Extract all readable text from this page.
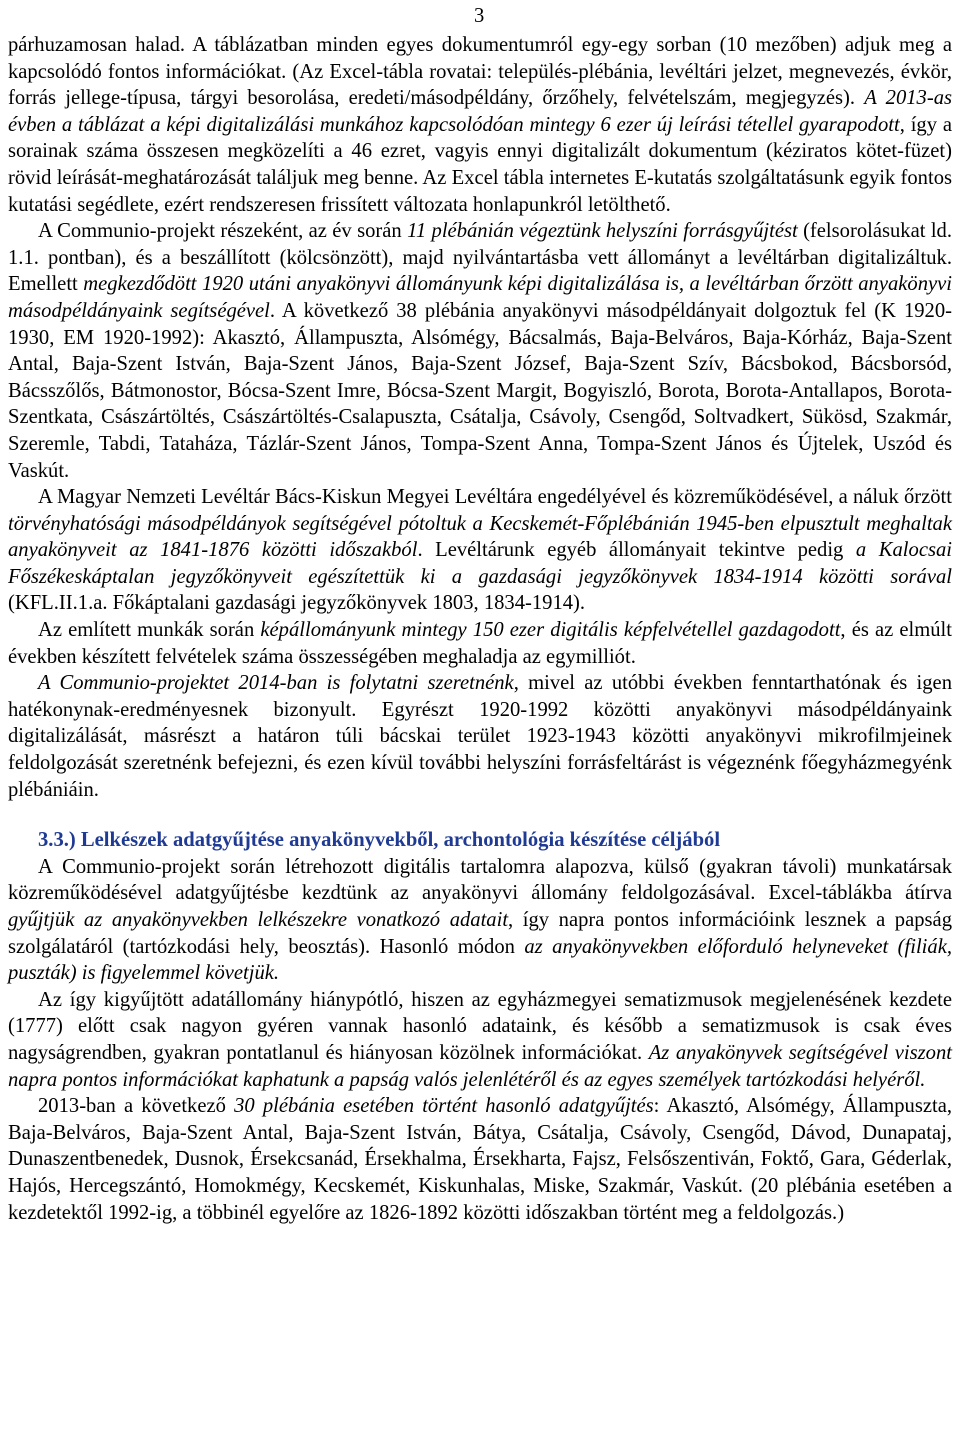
3

párhuzamosan halad. A táblázatban minden egyes dokumentumról egy-egy sorban (10 mezőben) adjuk meg a kapcsolódó fontos információkat. (Az Excel-tábla rovatai: település-plébánia, levéltári jelzet, megnevezés, évkör, forrás jellege-típusa, tárgyi besorolása, eredeti/másodpéldány, őrzőhely, felvételszám, megjegyzés). A 2013-as évben a táblázat a képi digitalizálási munkához kapcsolódóan mintegy 6 ezer új leírási tétellel gyarapodott, így a sorainak száma összesen megközelíti a 46 ezret, vagyis ennyi digitalizált dokumentum (kéziratos kötet-füzet) rövid leírását-meghatározását találjuk meg benne. Az Excel tábla internetes E-kutatás szolgáltatásunk egyik fontos kutatási segédlete, ezért rendszeresen frissített változata honlapunkról letölthető.

A Communio-projekt részeként, az év során 11 plébánián végeztünk helyszíni forrásgyűjtést (felsorolásukat ld. 1.1. pontban), és a beszállított (kölcsönzött), majd nyilvántartásba vett állományt a levéltárban digitalizáltuk. Emellett megkezdődött 1920 utáni anyakönyvi állományunk képi digitalizálása is, a levéltárban őrzött anyakönyvi másodpéldányaink segítségével. A következő 38 plébánia anyakönyvi másodpéldányait dolgoztuk fel (K 1920-1930, EM 1920-1992): Akasztó, Állampuszta, Alsómégy, Bácsalmás, Baja-Belváros, Baja-Kórház, Baja-Szent Antal, Baja-Szent István, Baja-Szent János, Baja-Szent József, Baja-Szent Szív, Bácsbokod, Bácsborsód, Bácsszőlős, Bátmonostor, Bócsa-Szent Imre, Bócsa-Szent Margit, Bogyiszló, Borota, Borota-Antallapos, Borota-Szentkata, Császártöltés, Császártöltés-Csalapuszta, Csátalja, Csávoly, Csengőd, Soltvadkert, Sükösd, Szakmár, Szeremle, Tabdi, Tataháza, Tázlár-Szent János, Tompa-Szent Anna, Tompa-Szent János és Újtelek, Uszód és Vaskút.

A Magyar Nemzeti Levéltár Bács-Kiskun Megyei Levéltára engedélyével és közreműködésével, a náluk őrzött törvényhatósági másodpéldányok segítségével pótoltuk a Kecskemét-Főplébánián 1945-ben elpusztult meghaltak anyakönyveit az 1841-1876 közötti időszakból. Levéltárunk egyéb állományait tekintve pedig a Kalocsai Főszékeskáptalan jegyzőkönyveit egészítettük ki a gazdasági jegyzőkönyvek 1834-1914 közötti sorával (KFL.II.1.a. Főkáptalani gazdasági jegyzőkönyvek 1803, 1834-1914).

Az említett munkák során képállományunk mintegy 150 ezer digitális képfelvétellel gazdagodott, és az elmúlt években készített felvételek száma összességében meghaladja az egymilliót.

A Communio-projektet 2014-ban is folytatni szeretnénk, mivel az utóbbi években fenntarthatónak és igen hatékonynak-eredményesnek bizonyult. Egyrészt 1920-1992 közötti anyakönyvi másodpéldányaink digitalizálását, másrészt a határon túli bácskai terület 1923-1943 közötti anyakönyvi mikrofilmjeinek feldolgozását szeretnénk befejezni, és ezen kívül további helyszíni forrásfeltárást is végeznénk főegyházmegyénk plébániáin.

3.3.) Lelkészek adatgyűjtése anyakönyvekből, archontológia készítése céljából

A Communio-projekt során létrehozott digitális tartalomra alapozva, külső (gyakran távoli) munkatársak közreműködésével adatgyűjtésbe kezdtünk az anyakönyvi állomány feldolgozásával. Excel-táblákba átírva gyűjtjük az anyakönyvekben lelkészekre vonatkozó adatait, így napra pontos információink lesznek a papság szolgálatáról (tartózkodási hely, beosztás). Hasonló módon az anyakönyvekben előforduló helyneveket (filiák, puszták) is figyelemmel követjük.

Az így kigyűjtött adatállomány hiánypótló, hiszen az egyházmegyei sematizmusok megjelenésének kezdete (1777) előtt csak nagyon gyéren vannak hasonló adataink, és később a sematizmusok is csak éves nagyságrendben, gyakran pontatlanul és hiányosan közölnek információkat. Az anyakönyvek segítségével viszont napra pontos információkat kaphatunk a papság valós jelenlétéről és az egyes személyek tartózkodási helyéről.

2013-ban a következő 30 plébánia esetében történt hasonló adatgyűjtés: Akasztó, Alsómégy, Állampuszta, Baja-Belváros, Baja-Szent Antal, Baja-Szent István, Bátya, Csátalja, Csávoly, Csengőd, Dávod, Dunapataj, Dunaszentbenedek, Dusnok, Érsekcsanád, Érsekhalma, Érsekharta, Fajsz, Felsőszentiván, Foktő, Gara, Géderlak, Hajós, Hercegszántó, Homokmégy, Kecskemét, Kiskunhalas, Miske, Szakmár, Vaskút. (20 plébánia esetében a kezdetektől 1992-ig, a többinél egyelőre az 1826-1892 közötti időszakban történt meg a feldolgozás.)
